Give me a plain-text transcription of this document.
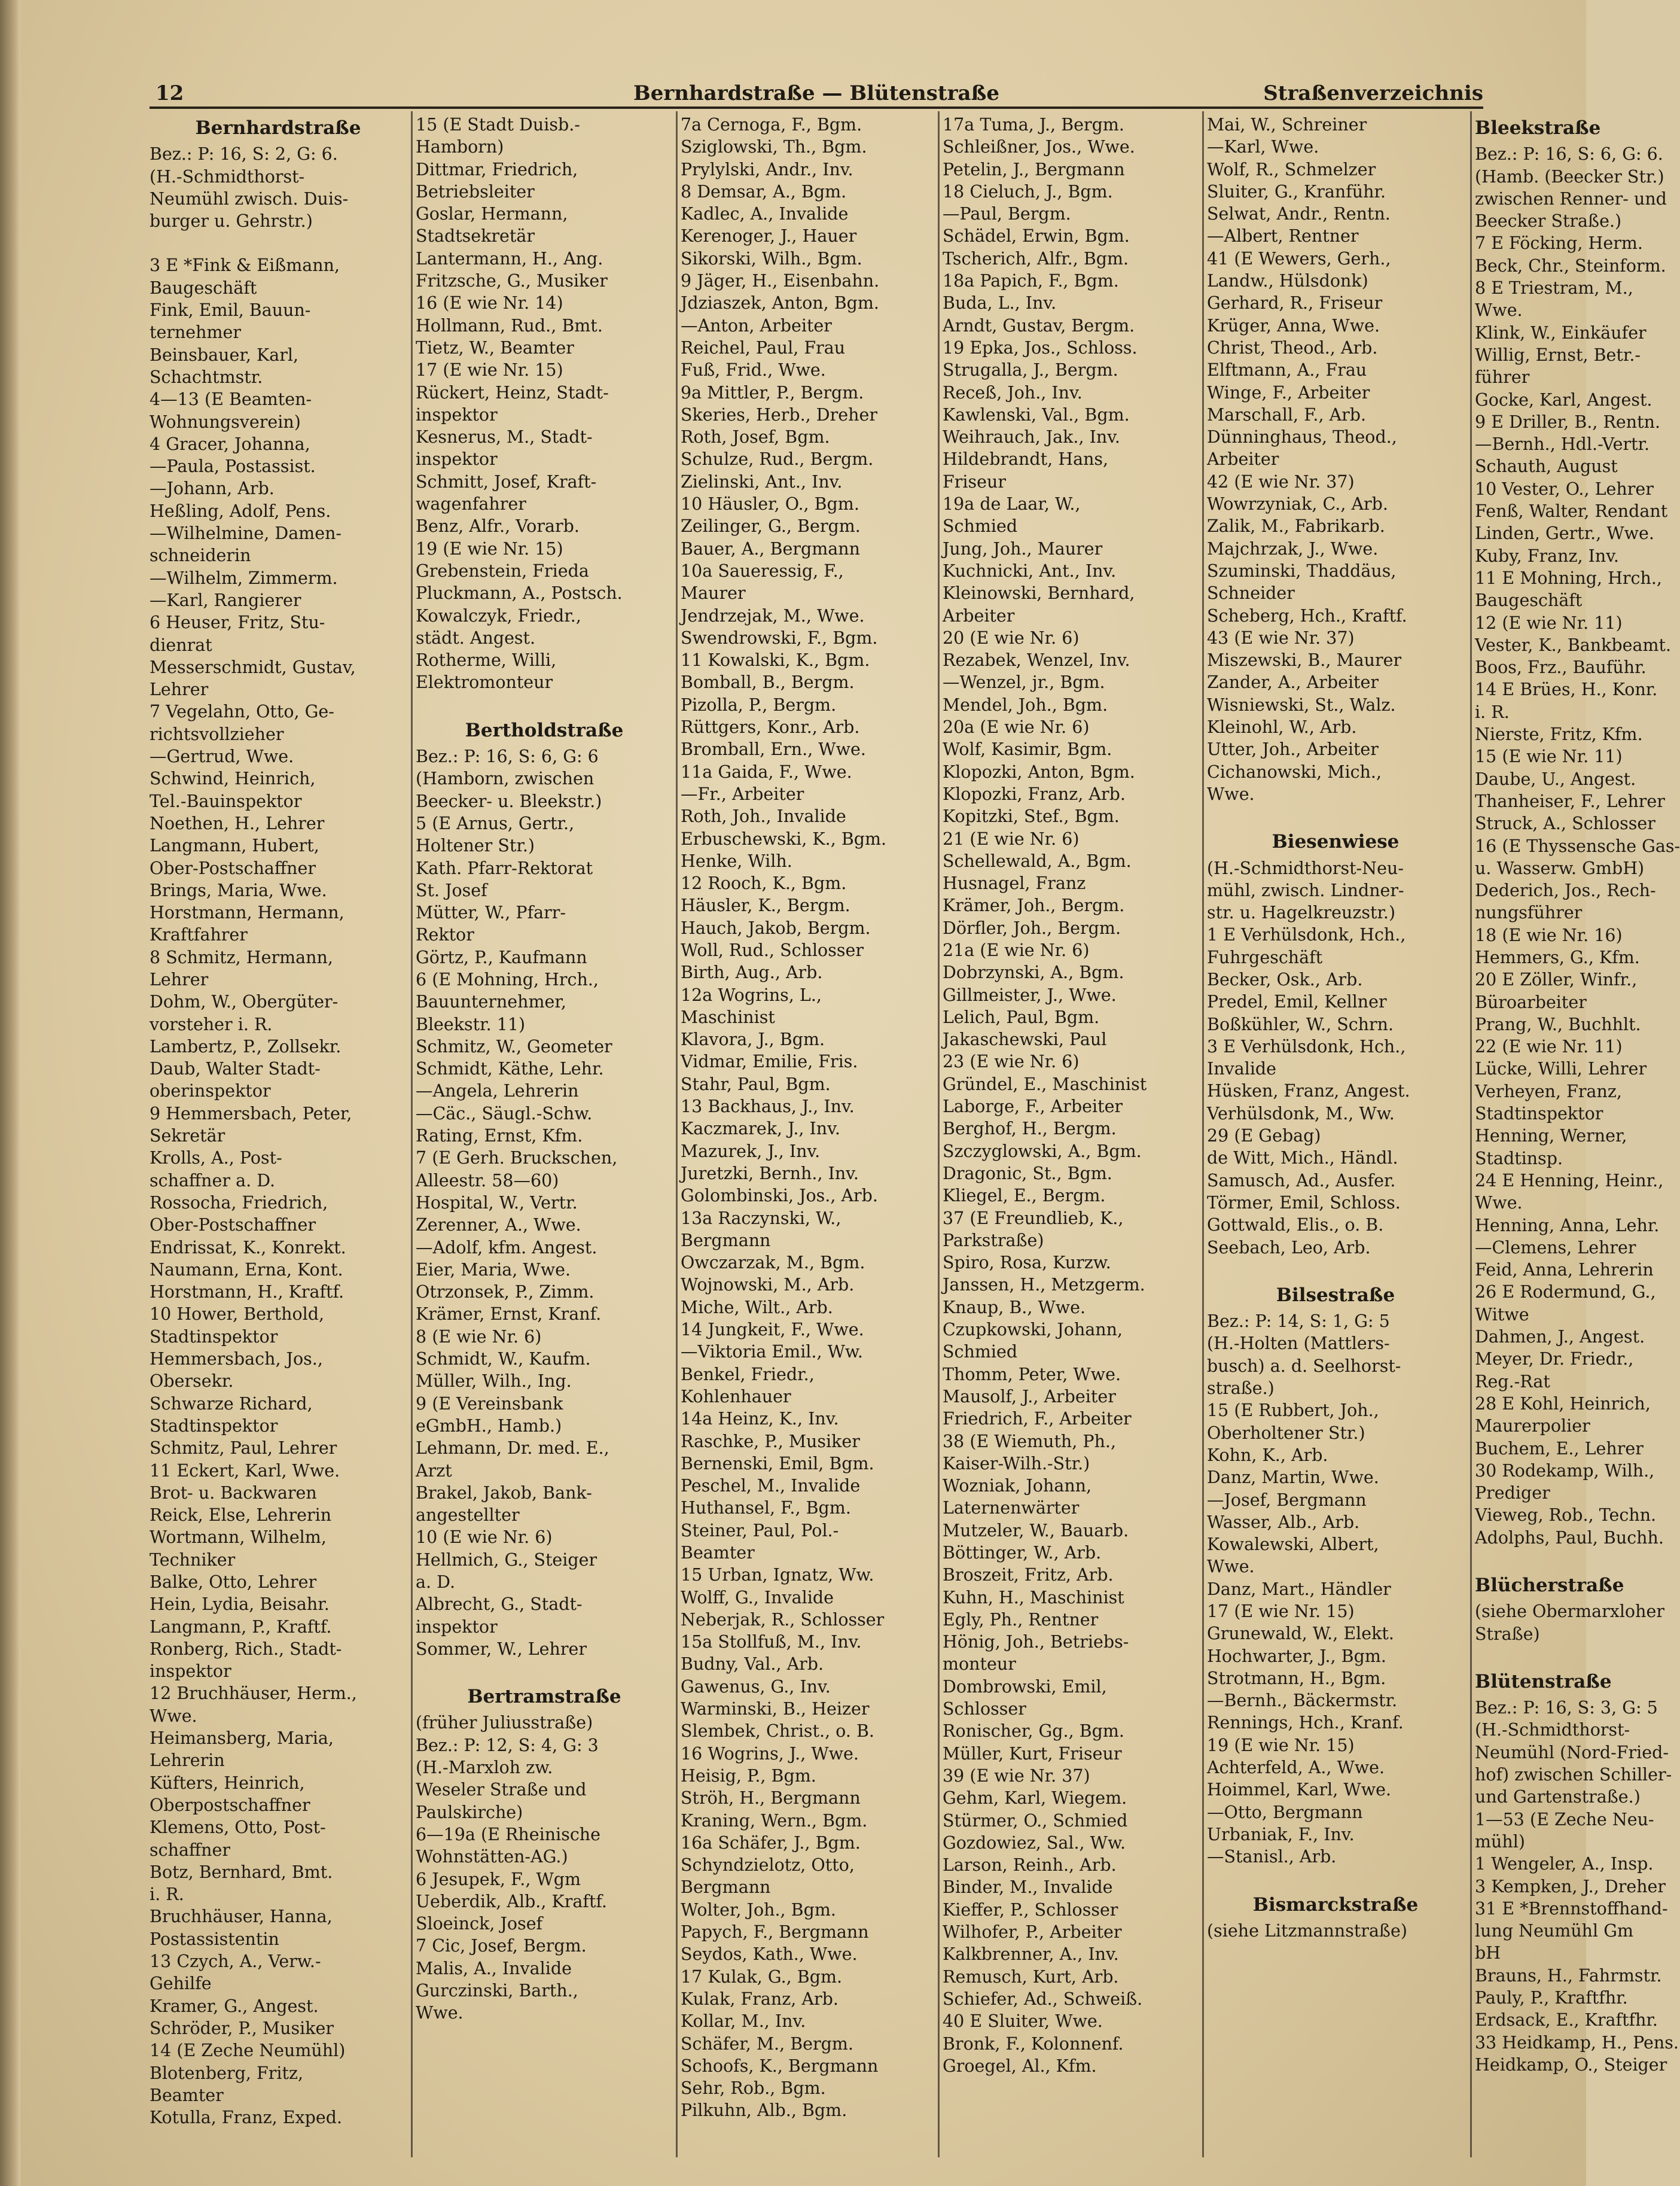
12	Bernhardstraße — Blütenstraße	Straßenverzeichnis
Bernhardstraße
Bez.: P: 16, S: 2, G: 6.
(H.-Schmidthorst-
Neumühl zwisch. Duis-
burger u. Gehrstr.)
3 E *Fink & Eißmann,
Baugeschäft
Fink, Emil, Bauun-
ternehmer
Beinsbauer, Karl,
Schachtmstr.
4—13 (E Beamten-
Wohnungsverein)
4 Gracer, Johanna,
—Paula, Postassist.
—Johann, Arb.
Heßling, Adolf, Pens.
—Wilhelmine, Damen-
schneiderin
—Wilhelm, Zimmerm.
—Karl, Rangierer
6 Heuser, Fritz, Stu-
dienrat
Messerschmidt, Gustav,
Lehrer
7 Vegelahn, Otto, Ge-
richtsvollzieher
—Gertrud, Wwe.
Schwind, Heinrich,
Tel.-Bauinspektor
Noethen, H., Lehrer
Langmann, Hubert,
Ober-Postschaffner
Brings, Maria, Wwe.
Horstmann, Hermann,
Kraftfahrer
8 Schmitz, Hermann,
Lehrer
Dohm, W., Obergüter-
vorsteher i. R.
Lambertz, P., Zollsekr.
Daub, Walter Stadt-
oberinspektor
9 Hemmersbach, Peter,
Sekretär
Krolls, A., Post-
schaffner a. D.
Rossocha, Friedrich,
Ober-Postschaffner
Endrissat, K., Konrekt.
Naumann, Erna, Kont.
Horstmann, H., Kraftf.
10 Hower, Berthold,
Stadtinspektor
Hemmersbach, Jos.,
Obersekr.
Schwarze Richard,
Stadtinspektor
Schmitz, Paul, Lehrer
11 Eckert, Karl, Wwe.
Brot- u. Backwaren
Reick, Else, Lehrerin
Wortmann, Wilhelm,
Techniker
Balke, Otto, Lehrer
Hein, Lydia, Beisahr.
Langmann, P., Kraftf.
Ronberg, Rich., Stadt-
inspektor
12 Bruchhäuser, Herm.,
Wwe.
Heimansberg, Maria,
Lehrerin
Küfters, Heinrich,
Oberpostschaffner
Klemens, Otto, Post-
schaffner
Botz, Bernhard, Bmt.
i. R.
Bruchhäuser, Hanna,
Postassistentin
13 Czych, A., Verw.-
Gehilfe
Kramer, G., Angest.
Schröder, P., Musiker
14 (E Zeche Neumühl)
Blotenberg, Fritz,
Beamter
Kotulla, Franz, Exped.
15 (E Stadt Duisb.-
Hamborn)
Dittmar, Friedrich,
Betriebsleiter
Goslar, Hermann,
Stadtsekretär
Lantermann, H., Ang.
Fritzsche, G., Musiker
16 (E wie Nr. 14)
Hollmann, Rud., Bmt.
Tietz, W., Beamter
17 (E wie Nr. 15)
Rückert, Heinz, Stadt-
inspektor
Kesnerus, M., Stadt-
inspektor
Schmitt, Josef, Kraft-
wagenfahrer
Benz, Alfr., Vorarb.
19 (E wie Nr. 15)
Grebenstein, Frieda
Pluckmann, A., Postsch.
Kowalczyk, Friedr.,
städt. Angest.
Rotherme, Willi,
Elektromonteur
Bertholdstraße
Bez.: P: 16, S: 6, G: 6
(Hamborn, zwischen
Beecker- u. Bleekstr.)
5 (E Arnus, Gertr.,
Holtener Str.)
Kath. Pfarr-Rektorat
St. Josef
Mütter, W., Pfarr-
Rektor
Görtz, P., Kaufmann
6 (E Mohning, Hrch.,
Bauunternehmer,
Bleekstr. 11)
Schmitz, W., Geometer
Schmidt, Käthe, Lehr.
—Angela, Lehrerin
—Cäc., Säugl.-Schw.
Rating, Ernst, Kfm.
7 (E Gerh. Bruckschen,
Alleestr. 58—60)
Hospital, W., Vertr.
Zerenner, A., Wwe.
—Adolf, kfm. Angest.
Eier, Maria, Wwe.
Otrzonsek, P., Zimm.
Krämer, Ernst, Kranf.
8 (E wie Nr. 6)
Schmidt, W., Kaufm.
Müller, Wilh., Ing.
9 (E Vereinsbank
eGmbH., Hamb.)
Lehmann, Dr. med. E.,
Arzt
Brakel, Jakob, Bank-
angestellter
10 (E wie Nr. 6)
Hellmich, G., Steiger
a. D.
Albrecht, G., Stadt-
inspektor
Sommer, W., Lehrer
Bertramstraße
(früher Juliusstraße)
Bez.: P: 12, S: 4, G: 3
(H.-Marxloh zw.
Weseler Straße und
Paulskirche)
6—19a (E Rheinische
Wohnstätten-AG.)
6 Jesupek, F., Wgm
Ueberdik, Alb., Kraftf.
Sloeinck, Josef
7 Cic, Josef, Bergm.
Malis, A., Invalide
Gurczinski, Barth.,
Wwe.
7a Cernoga, F., Bgm.
Sziglowski, Th., Bgm.
Prylylski, Andr., Inv.
8 Demsar, A., Bgm.
Kadlec, A., Invalide
Kerenoger, J., Hauer
Sikorski, Wilh., Bgm.
9 Jäger, H., Eisenbahn.
Jdziaszek, Anton, Bgm.
—Anton, Arbeiter
Reichel, Paul, Frau
Fuß, Frid., Wwe.
9a Mittler, P., Bergm.
Skeries, Herb., Dreher
Roth, Josef, Bgm.
Schulze, Rud., Bergm.
Zielinski, Ant., Inv.
10 Häusler, O., Bgm.
Zeilinger, G., Bergm.
Bauer, A., Bergmann
10a Saueressig, F.,
Maurer
Jendrzejak, M., Wwe.
Swendrowski, F., Bgm.
11 Kowalski, K., Bgm.
Bomball, B., Bergm.
Pizolla, P., Bergm.
Rüttgers, Konr., Arb.
Bromball, Ern., Wwe.
11a Gaida, F., Wwe.
—Fr., Arbeiter
Roth, Joh., Invalide
Erbuschewski, K., Bgm.
Henke, Wilh.
12 Rooch, K., Bgm.
Häusler, K., Bergm.
Hauch, Jakob, Bergm.
Woll, Rud., Schlosser
Birth, Aug., Arb.
12a Wogrins, L.,
Maschinist
Klavora, J., Bgm.
Vidmar, Emilie, Fris.
Stahr, Paul, Bgm.
13 Backhaus, J., Inv.
Kaczmarek, J., Inv.
Mazurek, J., Inv.
Juretzki, Bernh., Inv.
Golombinski, Jos., Arb.
13a Raczynski, W.,
Bergmann
Owczarzak, M., Bgm.
Wojnowski, M., Arb.
Miche, Wilt., Arb.
14 Jungkeit, F., Wwe.
—Viktoria Emil., Ww.
Benkel, Friedr.,
Kohlenhauer
14a Heinz, K., Inv.
Raschke, P., Musiker
Bernenski, Emil, Bgm.
Peschel, M., Invalide
Huthansel, F., Bgm.
Steiner, Paul, Pol.-
Beamter
15 Urban, Ignatz, Ww.
Wolff, G., Invalide
Neberjak, R., Schlosser
15a Stollfuß, M., Inv.
Budny, Val., Arb.
Gawenus, G., Inv.
Warminski, B., Heizer
Slembek, Christ., o. B.
16 Wogrins, J., Wwe.
Heisig, P., Bgm.
Ströh, H., Bergmann
Kraning, Wern., Bgm.
16a Schäfer, J., Bgm.
Schyndzielotz, Otto,
Bergmann
Wolter, Joh., Bgm.
Papych, F., Bergmann
Seydos, Kath., Wwe.
17 Kulak, G., Bgm.
Kulak, Franz, Arb.
Kollar, M., Inv.
Schäfer, M., Bergm.
Schoofs, K., Bergmann
Sehr, Rob., Bgm.
Pilkuhn, Alb., Bgm.
17a Tuma, J., Bergm.
Schleißner, Jos., Wwe.
Petelin, J., Bergmann
18 Cieluch, J., Bgm.
—Paul, Bergm.
Schädel, Erwin, Bgm.
Tscherich, Alfr., Bgm.
18a Papich, F., Bgm.
Buda, L., Inv.
Arndt, Gustav, Bergm.
19 Epka, Jos., Schloss.
Strugalla, J., Bergm.
Receß, Joh., Inv.
Kawlenski, Val., Bgm.
Weihrauch, Jak., Inv.
Hildebrandt, Hans,
Friseur
19a de Laar, W.,
Schmied
Jung, Joh., Maurer
Kuchnicki, Ant., Inv.
Kleinowski, Bernhard,
Arbeiter
20 (E wie Nr. 6)
Rezabek, Wenzel, Inv.
—Wenzel, jr., Bgm.
Mendel, Joh., Bgm.
20a (E wie Nr. 6)
Wolf, Kasimir, Bgm.
Klopozki, Anton, Bgm.
Klopozki, Franz, Arb.
Kopitzki, Stef., Bgm.
21 (E wie Nr. 6)
Schellewald, A., Bgm.
Husnagel, Franz
Krämer, Joh., Bergm.
Dörfler, Joh., Bergm.
21a (E wie Nr. 6)
Dobrzynski, A., Bgm.
Gillmeister, J., Wwe.
Lelich, Paul, Bgm.
Jakaschewski, Paul
23 (E wie Nr. 6)
Gründel, E., Maschinist
Laborge, F., Arbeiter
Berghof, H., Bergm.
Szczyglowski, A., Bgm.
Dragonic, St., Bgm.
Kliegel, E., Bergm.
37 (E Freundlieb, K.,
Parkstraße)
Spiro, Rosa, Kurzw.
Janssen, H., Metzgerm.
Knaup, B., Wwe.
Czupkowski, Johann,
Schmied
Thomm, Peter, Wwe.
Mausolf, J., Arbeiter
Friedrich, F., Arbeiter
38 (E Wiemuth, Ph.,
Kaiser-Wilh.-Str.)
Wozniak, Johann,
Laternenwärter
Mutzeler, W., Bauarb.
Böttinger, W., Arb.
Broszeit, Fritz, Arb.
Kuhn, H., Maschinist
Egly, Ph., Rentner
Hönig, Joh., Betriebs-
monteur
Dombrowski, Emil,
Schlosser
Ronischer, Gg., Bgm.
Müller, Kurt, Friseur
39 (E wie Nr. 37)
Gehm, Karl, Wiegem.
Stürmer, O., Schmied
Gozdowiez, Sal., Ww.
Larson, Reinh., Arb.
Binder, M., Invalide
Kieffer, P., Schlosser
Wilhofer, P., Arbeiter
Kalkbrenner, A., Inv.
Remusch, Kurt, Arb.
Schiefer, Ad., Schweiß.
40 E Sluiter, Wwe.
Bronk, F., Kolonnenf.
Groegel, Al., Kfm.
Mai, W., Schreiner
—Karl, Wwe.
Wolf, R., Schmelzer
Sluiter, G., Kranführ.
Selwat, Andr., Rentn.
—Albert, Rentner
41 (E Wewers, Gerh.,
Landw., Hülsdonk)
Gerhard, R., Friseur
Krüger, Anna, Wwe.
Christ, Theod., Arb.
Elftmann, A., Frau
Winge, F., Arbeiter
Marschall, F., Arb.
Dünninghaus, Theod.,
Arbeiter
42 (E wie Nr. 37)
Wowrzyniak, C., Arb.
Zalik, M., Fabrikarb.
Majchrzak, J., Wwe.
Szuminski, Thaddäus,
Schneider
Scheberg, Hch., Kraftf.
43 (E wie Nr. 37)
Miszewski, B., Maurer
Zander, A., Arbeiter
Wisniewski, St., Walz.
Kleinohl, W., Arb.
Utter, Joh., Arbeiter
Cichanowski, Mich.,
Wwe.
Biesenwiese
(H.-Schmidthorst-Neu-
mühl, zwisch. Lindner-
str. u. Hagelkreuzstr.)
1 E Verhülsdonk, Hch.,
Fuhrgeschäft
Becker, Osk., Arb.
Predel, Emil, Kellner
Boßkühler, W., Schrn.
3 E Verhülsdonk, Hch.,
Invalide
Hüsken, Franz, Angest.
Verhülsdonk, M., Ww.
29 (E Gebag)
de Witt, Mich., Händl.
Samusch, Ad., Ausfer.
Törmer, Emil, Schloss.
Gottwald, Elis., o. B.
Seebach, Leo, Arb.
Bilsestraße
Bez.: P: 14, S: 1, G: 5
(H.-Holten (Mattlers-
busch) a. d. Seelhorst-
straße.)
15 (E Rubbert, Joh.,
Oberholtener Str.)
Kohn, K., Arb.
Danz, Martin, Wwe.
—Josef, Bergmann
Wasser, Alb., Arb.
Kowalewski, Albert,
Wwe.
Danz, Mart., Händler
17 (E wie Nr. 15)
Grunewald, W., Elekt.
Hochwarter, J., Bgm.
Strotmann, H., Bgm.
—Bernh., Bäckermstr.
Rennings, Hch., Kranf.
19 (E wie Nr. 15)
Achterfeld, A., Wwe.
Hoimmel, Karl, Wwe.
—Otto, Bergmann
Urbaniak, F., Inv.
—Stanisl., Arb.
Bismarckstraße
(siehe Litzmannstraße)
Bleekstraße
Bez.: P: 16, S: 6, G: 6.
(Hamb. (Beecker Str.)
zwischen Renner- und
Beecker Straße.)
7 E Föcking, Herm.
Beck, Chr., Steinform.
8 E Triestram, M.,
Wwe.
Klink, W., Einkäufer
Willig, Ernst, Betr.-
führer
Gocke, Karl, Angest.
9 E Driller, B., Rentn.
—Bernh., Hdl.-Vertr.
Schauth, August
10 Vester, O., Lehrer
Fenß, Walter, Rendant
Linden, Gertr., Wwe.
Kuby, Franz, Inv.
11 E Mohning, Hrch.,
Baugeschäft
12 (E wie Nr. 11)
Vester, K., Bankbeamt.
Boos, Frz., Bauführ.
14 E Brües, H., Konr.
i. R.
Nierste, Fritz, Kfm.
15 (E wie Nr. 11)
Daube, U., Angest.
Thanheiser, F., Lehrer
Struck, A., Schlosser
16 (E Thyssensche Gas-
u. Wasserw. GmbH)
Dederich, Jos., Rech-
nungsführer
18 (E wie Nr. 16)
Hemmers, G., Kfm.
20 E Zöller, Winfr.,
Büroarbeiter
Prang, W., Buchhlt.
22 (E wie Nr. 11)
Lücke, Willi, Lehrer
Verheyen, Franz,
Stadtinspektor
Henning, Werner,
Stadtinsp.
24 E Henning, Heinr.,
Wwe.
Henning, Anna, Lehr.
—Clemens, Lehrer
Feid, Anna, Lehrerin
26 E Rodermund, G.,
Witwe
Dahmen, J., Angest.
Meyer, Dr. Friedr.,
Reg.-Rat
28 E Kohl, Heinrich,
Maurerpolier
Buchem, E., Lehrer
30 Rodekamp, Wilh.,
Prediger
Vieweg, Rob., Techn.
Adolphs, Paul, Buchh.
Blücherstraße
(siehe Obermarxloher
Straße)
Blütenstraße
Bez.: P: 16, S: 3, G: 5
(H.-Schmidthorst-
Neumühl (Nord-Fried-
hof) zwischen Schiller-
und Gartenstraße.)
1—53 (E Zeche Neu-
mühl)
1 Wengeler, A., Insp.
3 Kempken, J., Dreher
31 E *Brennstoffhand-
lung Neumühl Gm
bH
Brauns, H., Fahrmstr.
Pauly, P., Kraftfhr.
Erdsack, E., Kraftfhr.
33 Heidkamp, H., Pens.
Heidkamp, O., Steiger
